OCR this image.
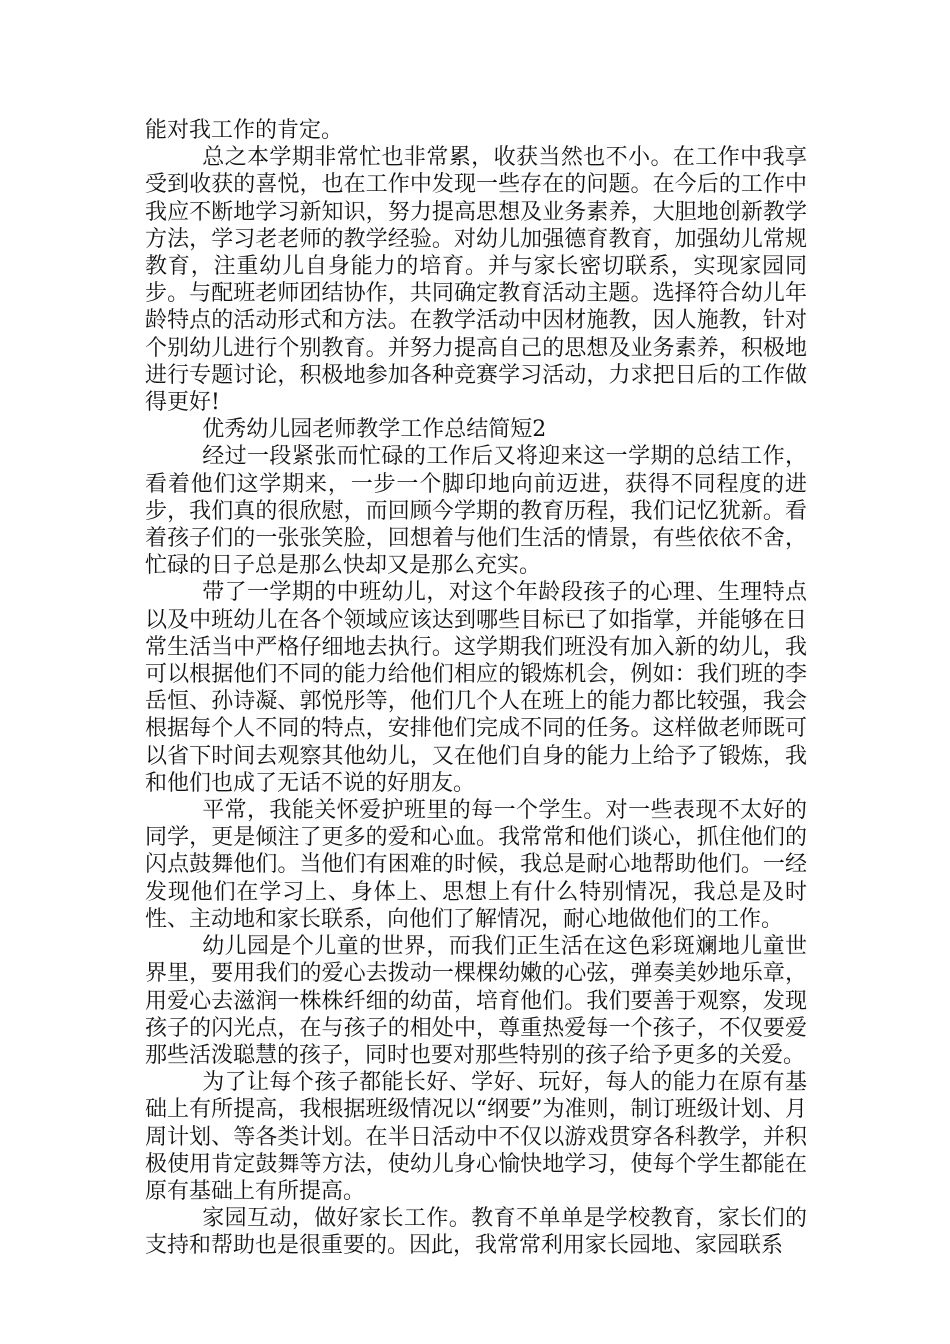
能对我工作的肯定。

总之本学期非常忙也非常累，收获当然也不小。在工作中我享受到收获的喜悦，也在工作中发现一些存在的问题。在今后的工作中我应不断地学习新知识，努力提高思想及业务素养，大胆地创新教学方法，学习老老师的教学经验。对幼儿加强德育教育，加强幼儿常规教育，注重幼儿自身能力的培育。并与家长密切联系，实现家园同步。与配班老师团结协作，共同确定教育活动主题。选择符合幼儿年龄特点的活动形式和方法。在教学活动中因材施教，因人施教，针对个别幼儿进行个别教育。并努力提高自己的思想及业务素养，积极地进行专题讨论，积极地参加各种竞赛学习活动，力求把日后的工作做得更好!

优秀幼儿园老师教学工作总结简短2

经过一段紧张而忙碌的工作后又将迎来这一学期的总结工作，看着他们这学期来，一步一个脚印地向前迈进，获得不同程度的进步，我们真的很欣慰，而回顾今学期的教育历程，我们记忆犹新。看着孩子们的一张张笑脸，回想着与他们生活的情景，有些依依不舍，忙碌的日子总是那么快却又是那么充实。

带了一学期的中班幼儿，对这个年龄段孩子的心理、生理特点以及中班幼儿在各个领域应该达到哪些目标已了如指掌，并能够在日常生活当中严格仔细地去执行。这学期我们班没有加入新的幼儿，我可以根据他们不同的能力给他们相应的锻炼机会，例如：我们班的李岳恒、孙诗凝、郭悦彤等，他们几个人在班上的能力都比较强，我会根据每个人不同的特点，安排他们完成不同的任务。这样做老师既可以省下时间去观察其他幼儿，又在他们自身的能力上给予了锻炼，我和他们也成了无话不说的好朋友。

平常，我能关怀爱护班里的每一个学生。对一些表现不太好的同学，更是倾注了更多的爱和心血。我常常和他们谈心，抓住他们的闪点鼓舞他们。当他们有困难的时候，我总是耐心地帮助他们。一经发现他们在学习上、身体上、思想上有什么特别情况，我总是及时性、主动地和家长联系，向他们了解情况，耐心地做他们的工作。

幼儿园是个儿童的世界，而我们正生活在这色彩斑斓地儿童世界里，要用我们的爱心去拨动一棵棵幼嫩的心弦，弹奏美妙地乐章，用爱心去滋润一株株纤细的幼苗，培育他们。我们要善于观察，发现孩子的闪光点，在与孩子的相处中，尊重热爱每一个孩子，不仅要爱那些活泼聪慧的孩子，同时也要对那些特别的孩子给予更多的关爱。

为了让每个孩子都能长好、学好、玩好，每人的能力在原有基础上有所提高，我根据班级情况以“纲要”为准则，制订班级计划、月周计划、等各类计划。在半日活动中不仅以游戏贯穿各科教学，并积极使用肯定鼓舞等方法，使幼儿身心愉快地学习，使每个学生都能在原有基础上有所提高。

家园互动，做好家长工作。教育不单单是学校教育，家长们的支持和帮助也是很重要的。因此，我常常利用家长园地、家园联系
